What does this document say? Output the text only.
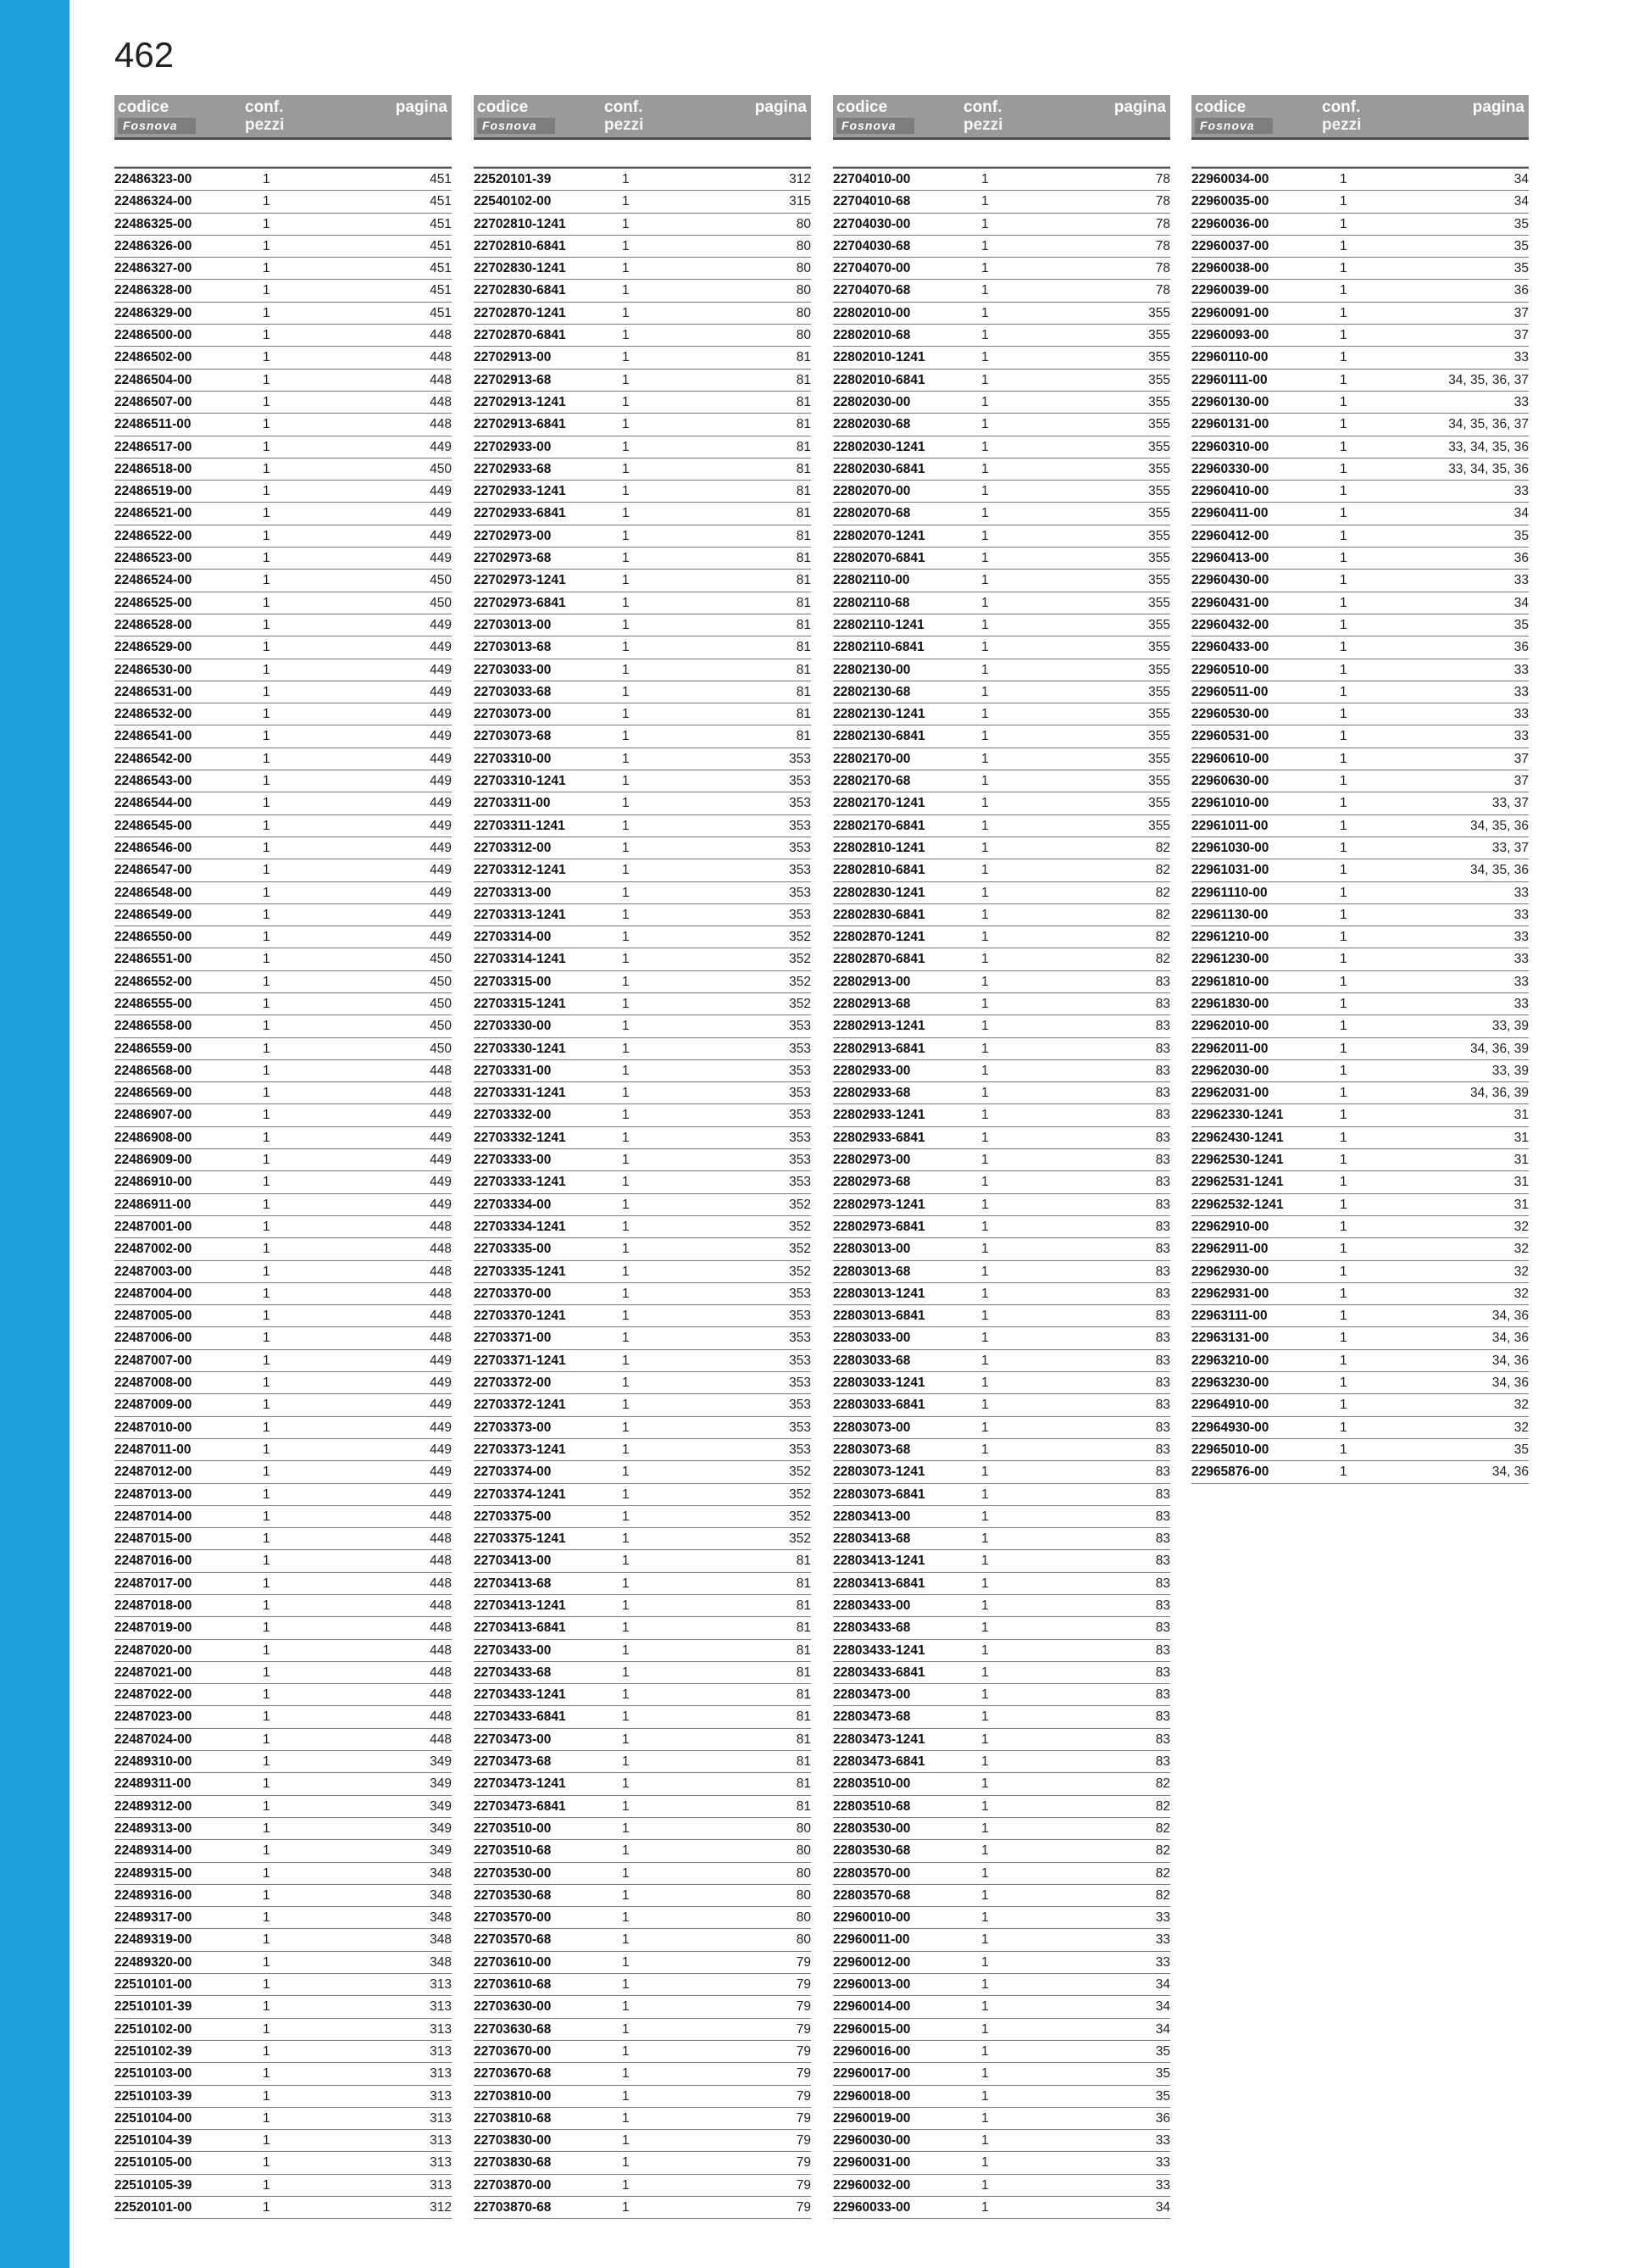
462
codice	conf.
pezzi
pagina
Fosnova
22486323-00	1	451
22486324-00	1	451
22486325-00	1	451
22486326-00	1	451
22486327-00	1	451
22486328-00	1	451
22486329-00	1	451
22486500-00	1	448
22486502-00	1	448
22486504-00	1	448
22486507-00	1	448
22486511-00	1	448
22486517-00	1	449
22486518-00	1	450
22486519-00	1	449
22486521-00	1	449
22486522-00	1	449
22486523-00	1	449
22486524-00	1	450
22486525-00	1	450
22486528-00	1	449
22486529-00	1	449
22486530-00	1	449
22486531-00	1	449
22486532-00	1	449
22486541-00	1	449
22486542-00	1	449
22486543-00	1	449
22486544-00	1	449
22486545-00	1	449
22486546-00	1	449
22486547-00	1	449
22486548-00	1	449
22486549-00	1	449
22486550-00	1	449
22486551-00	1	450
22486552-00	1	450
22486555-00	1	450
22486558-00	1	450
22486559-00	1	450
22486568-00	1	448
22486569-00	1	448
22486907-00	1	449
22486908-00	1	449
22486909-00	1	449
22486910-00	1	449
22486911-00	1	449
22487001-00	1	448
22487002-00	1	448
22487003-00	1	448
22487004-00	1	448
22487005-00	1	448
22487006-00	1	448
22487007-00	1	449
22487008-00	1	449
22487009-00	1	449
22487010-00	1	449
22487011-00	1	449
22487012-00	1	449
22487013-00	1	449
22487014-00	1	448
22487015-00	1	448
22487016-00	1	448
22487017-00	1	448
22487018-00	1	448
22487019-00	1	448
22487020-00	1	448
22487021-00	1	448
22487022-00	1	448
22487023-00	1	448
22487024-00	1	448
22489310-00	1	349
22489311-00	1	349
22489312-00	1	349
22489313-00	1	349
22489314-00	1	349
22489315-00	1	348
22489316-00	1	348
22489317-00	1	348
22489319-00	1	348
22489320-00	1	348
22510101-00	1	313
22510101-39	1	313
22510102-00	1	313
22510102-39	1	313
22510103-00	1	313
22510103-39	1	313
22510104-00	1	313
22510104-39	1	313
22510105-00	1	313
22510105-39	1	313
22520101-00	1	312
codice	conf.
pezzi
pagina
Fosnova
22520101-39	1	312
22540102-00	1	315
22702810-1241	1	80
22702810-6841	1	80
22702830-1241	1	80
22702830-6841	1	80
22702870-1241	1	80
22702870-6841	1	80
22702913-00	1	81
22702913-68	1	81
22702913-1241	1	81
22702913-6841	1	81
22702933-00	1	81
22702933-68	1	81
22702933-1241	1	81
22702933-6841	1	81
22702973-00	1	81
22702973-68	1	81
22702973-1241	1	81
22702973-6841	1	81
22703013-00	1	81
22703013-68	1	81
22703033-00	1	81
22703033-68	1	81
22703073-00	1	81
22703073-68	1	81
22703310-00	1	353
22703310-1241	1	353
22703311-00	1	353
22703311-1241	1	353
22703312-00	1	353
22703312-1241	1	353
22703313-00	1	353
22703313-1241	1	353
22703314-00	1	352
22703314-1241	1	352
22703315-00	1	352
22703315-1241	1	352
22703330-00	1	353
22703330-1241	1	353
22703331-00	1	353
22703331-1241	1	353
22703332-00	1	353
22703332-1241	1	353
22703333-00	1	353
22703333-1241	1	353
22703334-00	1	352
22703334-1241	1	352
22703335-00	1	352
22703335-1241	1	352
22703370-00	1	353
22703370-1241	1	353
22703371-00	1	353
22703371-1241	1	353
22703372-00	1	353
22703372-1241	1	353
22703373-00	1	353
22703373-1241	1	353
22703374-00	1	352
22703374-1241	1	352
22703375-00	1	352
22703375-1241	1	352
22703413-00	1	81
22703413-68	1	81
22703413-1241	1	81
22703413-6841	1	81
22703433-00	1	81
22703433-68	1	81
22703433-1241	1	81
22703433-6841	1	81
22703473-00	1	81
22703473-68	1	81
22703473-1241	1	81
22703473-6841	1	81
22703510-00	1	80
22703510-68	1	80
22703530-00	1	80
22703530-68	1	80
22703570-00	1	80
22703570-68	1	80
22703610-00	1	79
22703610-68	1	79
22703630-00	1	79
22703630-68	1	79
22703670-00	1	79
22703670-68	1	79
22703810-00	1	79
22703810-68	1	79
22703830-00	1	79
22703830-68	1	79
22703870-00	1	79
22703870-68	1	79
codice	conf.
pezzi
pagina
Fosnova
22704010-00	1	78
22704010-68	1	78
22704030-00	1	78
22704030-68	1	78
22704070-00	1	78
22704070-68	1	78
22802010-00	1	355
22802010-68	1	355
22802010-1241	1	355
22802010-6841	1	355
22802030-00	1	355
22802030-68	1	355
22802030-1241	1	355
22802030-6841	1	355
22802070-00	1	355
22802070-68	1	355
22802070-1241	1	355
22802070-6841	1	355
22802110-00	1	355
22802110-68	1	355
22802110-1241	1	355
22802110-6841	1	355
22802130-00	1	355
22802130-68	1	355
22802130-1241	1	355
22802130-6841	1	355
22802170-00	1	355
22802170-68	1	355
22802170-1241	1	355
22802170-6841	1	355
22802810-1241	1	82
22802810-6841	1	82
22802830-1241	1	82
22802830-6841	1	82
22802870-1241	1	82
22802870-6841	1	82
22802913-00	1	83
22802913-68	1	83
22802913-1241	1	83
22802913-6841	1	83
22802933-00	1	83
22802933-68	1	83
22802933-1241	1	83
22802933-6841	1	83
22802973-00	1	83
22802973-68	1	83
22802973-1241	1	83
22802973-6841	1	83
22803013-00	1	83
22803013-68	1	83
22803013-1241	1	83
22803013-6841	1	83
22803033-00	1	83
22803033-68	1	83
22803033-1241	1	83
22803033-6841	1	83
22803073-00	1	83
22803073-68	1	83
22803073-1241	1	83
22803073-6841	1	83
22803413-00	1	83
22803413-68	1	83
22803413-1241	1	83
22803413-6841	1	83
22803433-00	1	83
22803433-68	1	83
22803433-1241	1	83
22803433-6841	1	83
22803473-00	1	83
22803473-68	1	83
22803473-1241	1	83
22803473-6841	1	83
22803510-00	1	82
22803510-68	1	82
22803530-00	1	82
22803530-68	1	82
22803570-00	1	82
22803570-68	1	82
22960010-00	1	33
22960011-00	1	33
22960012-00	1	33
22960013-00	1	34
22960014-00	1	34
22960015-00	1	34
22960016-00	1	35
22960017-00	1	35
22960018-00	1	35
22960019-00	1	36
22960030-00	1	33
22960031-00	1	33
22960032-00	1	33
22960033-00	1	34
codice	conf.
pezzi
pagina
Fosnova
22960034-00	1	34
22960035-00	1	34
22960036-00	1	35
22960037-00	1	35
22960038-00	1	35
22960039-00	1	36
22960091-00	1	37
22960093-00	1	37
22960110-00	1	33
22960111-00	1	34, 35, 36, 37
22960130-00	1	33
22960131-00	1	34, 35, 36, 37
22960310-00	1	33, 34, 35, 36
22960330-00	1	33, 34, 35, 36
22960410-00	1	33
22960411-00	1	34
22960412-00	1	35
22960413-00	1	36
22960430-00	1	33
22960431-00	1	34
22960432-00	1	35
22960433-00	1	36
22960510-00	1	33
22960511-00	1	33
22960530-00	1	33
22960531-00	1	33
22960610-00	1	37
22960630-00	1	37
22961010-00	1	33, 37
22961011-00	1	34, 35, 36
22961030-00	1	33, 37
22961031-00	1	34, 35, 36
22961110-00	1	33
22961130-00	1	33
22961210-00	1	33
22961230-00	1	33
22961810-00	1	33
22961830-00	1	33
22962010-00	1	33, 39
22962011-00	1	34, 36, 39
22962030-00	1	33, 39
22962031-00	1	34, 36, 39
22962330-1241	1	31
22962430-1241	1	31
22962530-1241	1	31
22962531-1241	1	31
22962532-1241	1	31
22962910-00	1	32
22962911-00	1	32
22962930-00	1	32
22962931-00	1	32
22963111-00	1	34, 36
22963131-00	1	34, 36
22963210-00	1	34, 36
22963230-00	1	34, 36
22964910-00	1	32
22964930-00	1	32
22965010-00	1	35
22965876-00	1	34, 36
